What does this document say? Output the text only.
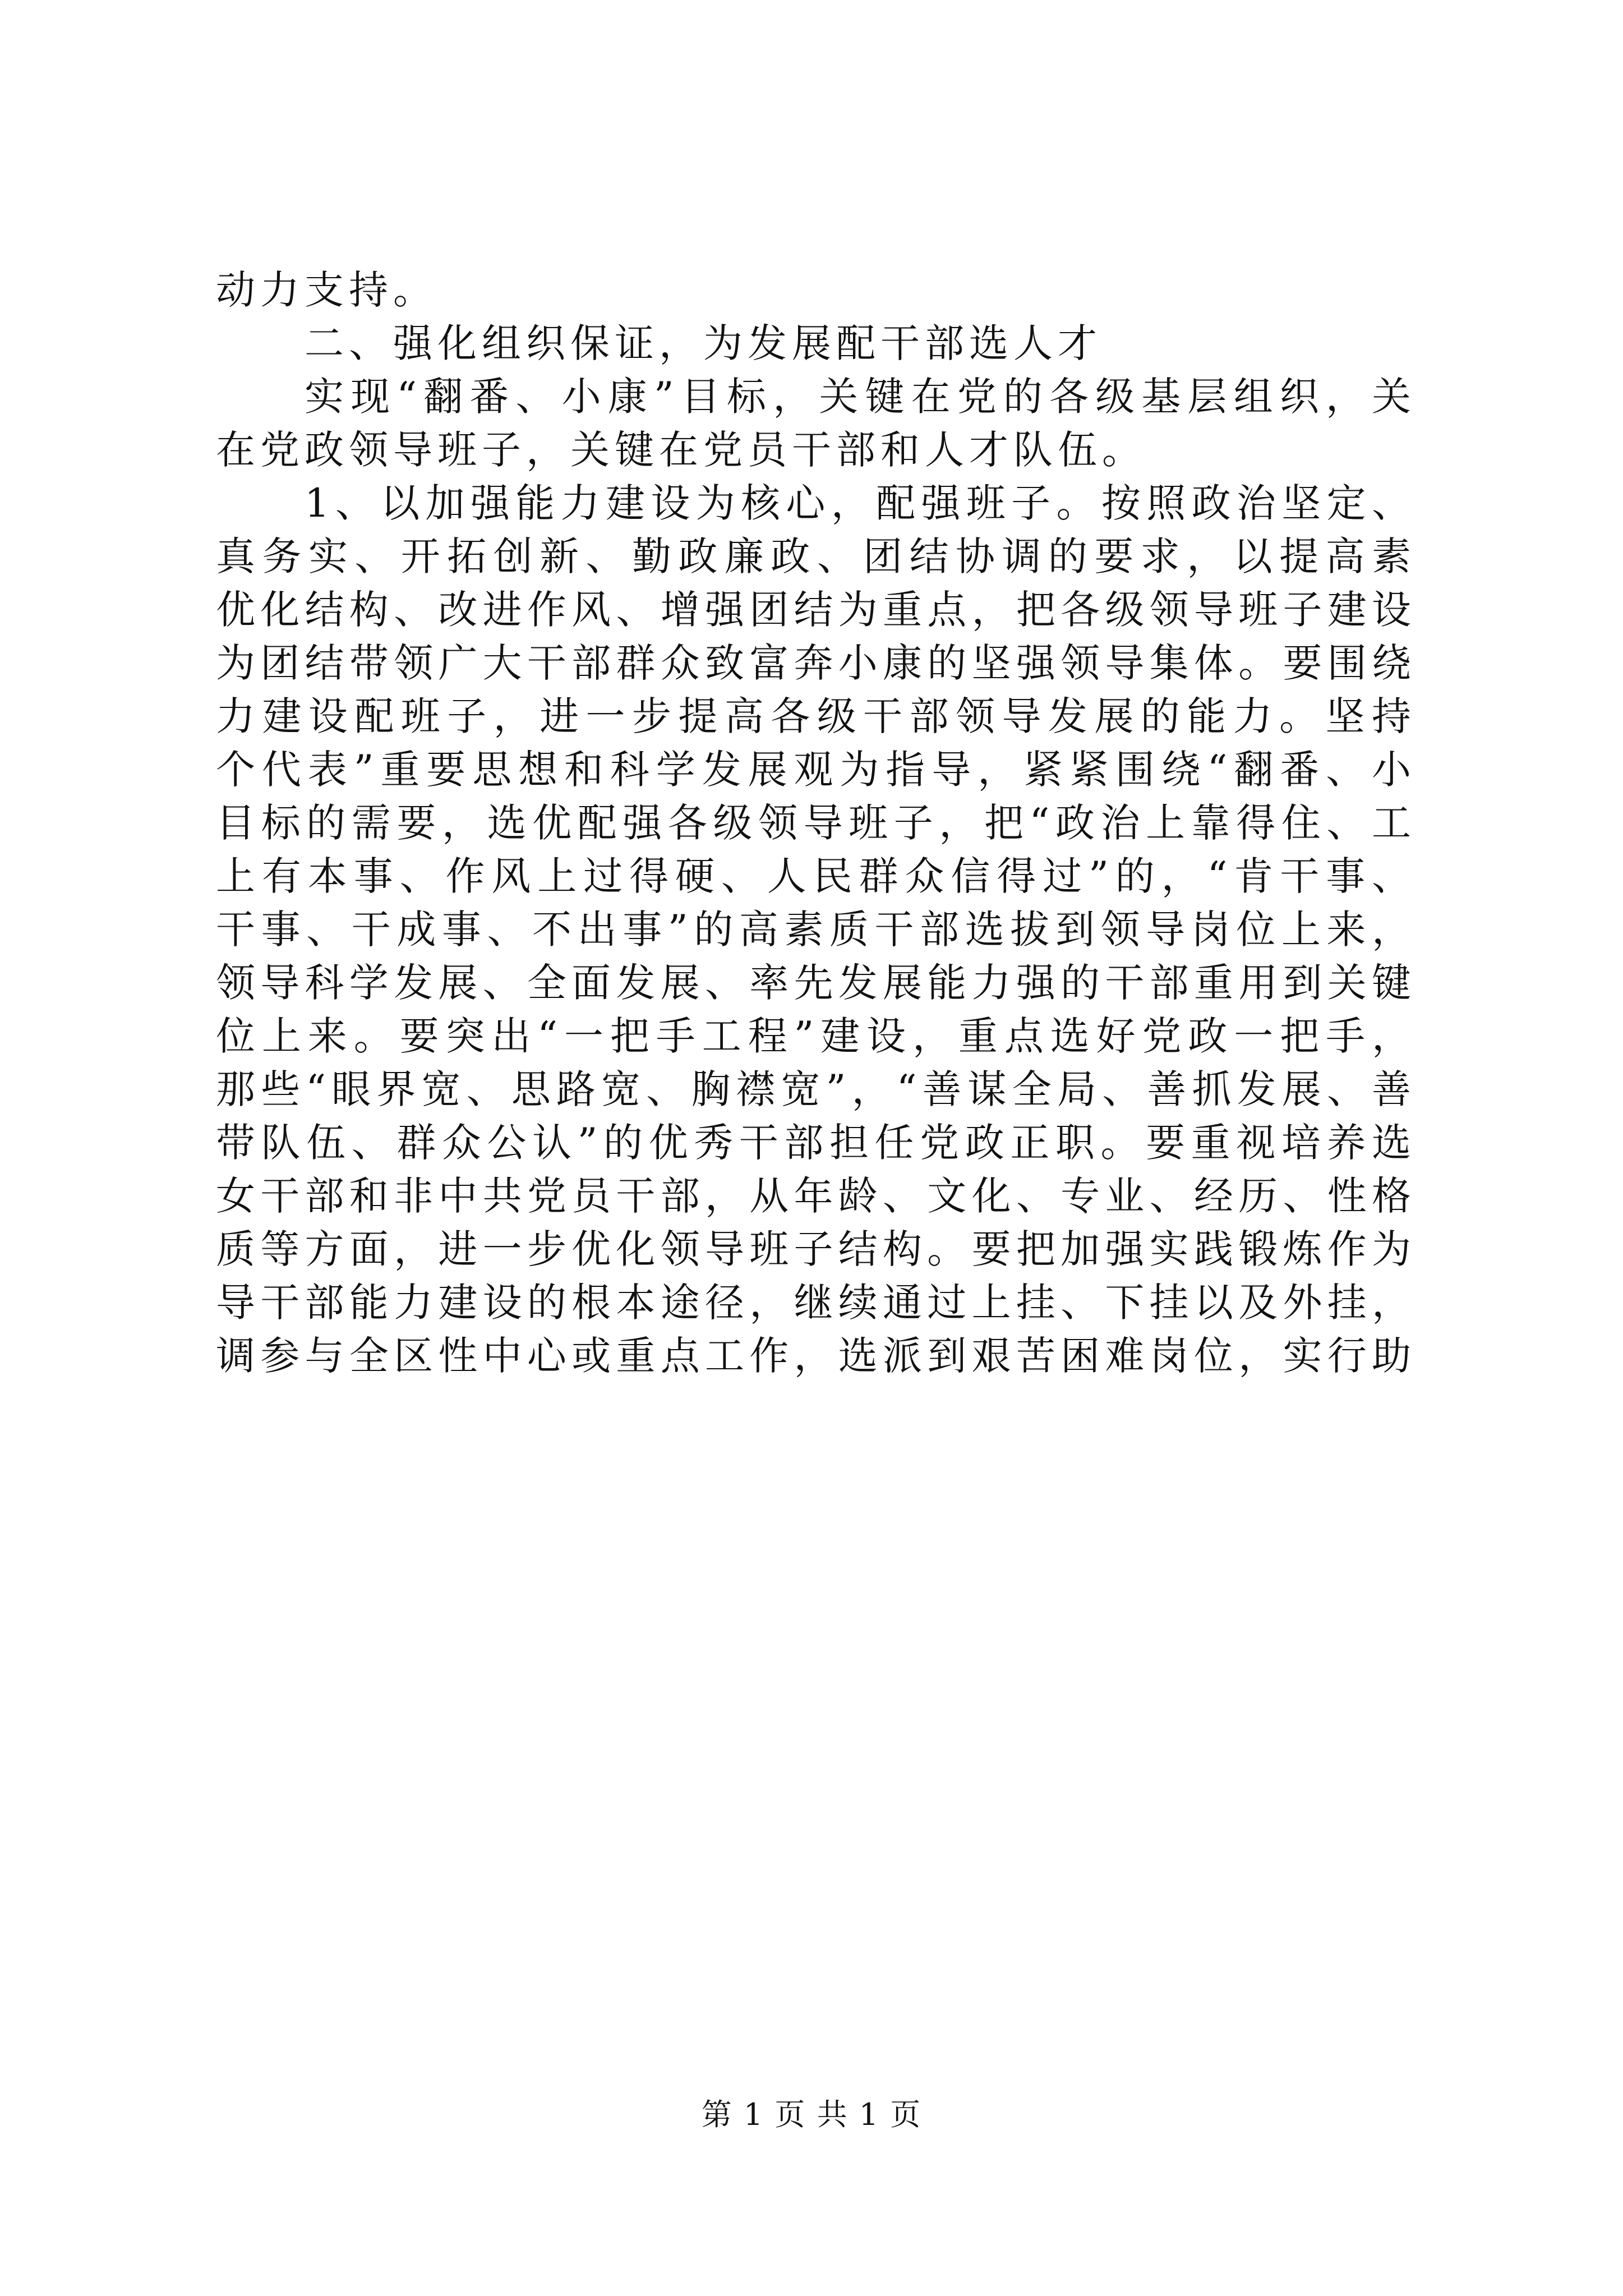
动力支持。
二、强化组织保证，为发展配干部选人才
实现“翻番、小康”目标，关键在党的各级基层组织，关
在党政领导班子，关键在党员干部和人才队伍。
1、以加强能力建设为核心，配强班子。按照政治坚定、
真务实、开拓创新、勤政廉政、团结协调的要求，以提高素
优化结构、改进作风、增强团结为重点，把各级领导班子建设
为团结带领广大干部群众致富奔小康的坚强领导集体。要围绕
力建设配班子，进一步提高各级干部领导发展的能力。坚持
个代表”重要思想和科学发展观为指导，紧紧围绕“翻番、小
目标的需要，选优配强各级领导班子，把“政治上靠得住、工
上有本事、作风上过得硬、人民群众信得过”的，“肯干事、
干事、干成事、不出事”的高素质干部选拔到领导岗位上来，
领导科学发展、全面发展、率先发展能力强的干部重用到关键
位上来。要突出“一把手工程”建设，重点选好党政一把手，
那些“眼界宽、思路宽、胸襟宽”，“善谋全局、善抓发展、善
带队伍、群众公认”的优秀干部担任党政正职。要重视培养选
女干部和非中共党员干部，从年龄、文化、专业、经历、性格
质等方面，进一步优化领导班子结构。要把加强实践锻炼作为
导干部能力建设的根本途径，继续通过上挂、下挂以及外挂，
调参与全区性中心或重点工作，选派到艰苦困难岗位，实行助
第 1 页 共 1 页
